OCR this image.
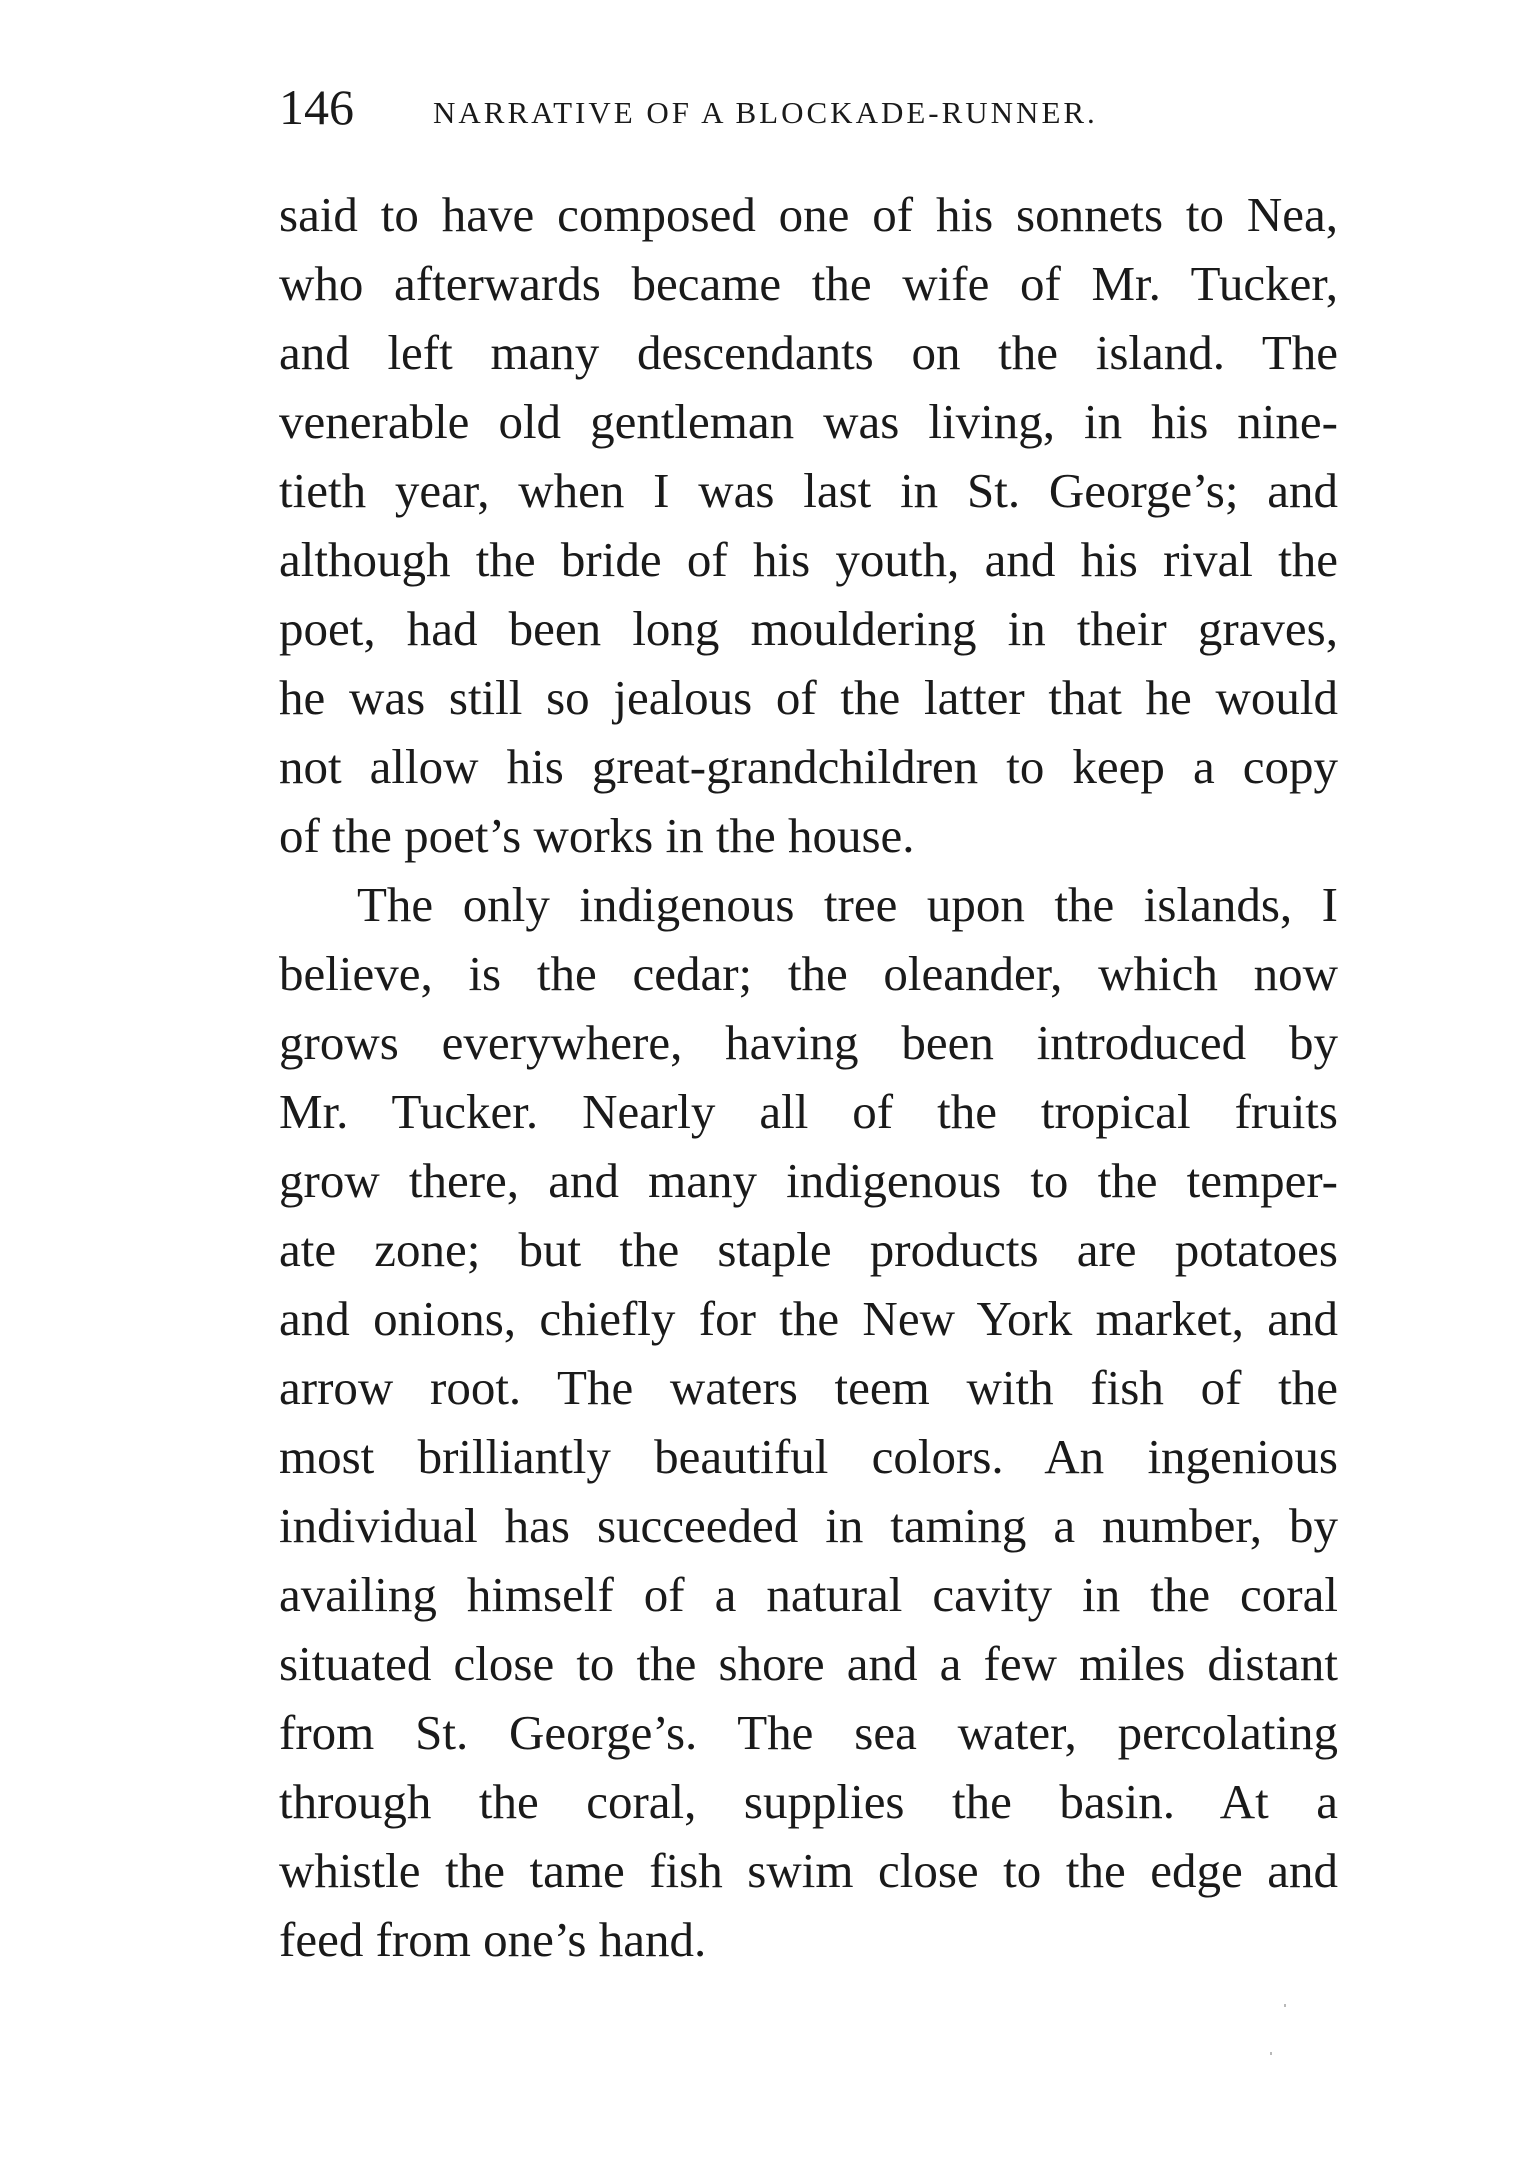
146	NARRATIVE OF A BLOCKADE-RUNNER.
said to have composed one of his sonnets to Nea,
who afterwards became the wife of Mr. Tucker,
and left many descendants on the island. The
venerable old gentleman was living, in his nine-
tieth year, when I was last in St. George’s; and
although the bride of his youth, and his rival the
poet, had been long mouldering in their graves,
he was still so jealous of the latter that he would
not allow his great-grandchildren to keep a copy
of the poet’s works in the house.
The only indigenous tree upon the islands, I
believe, is the cedar; the oleander, which now
grows everywhere, having been introduced by
Mr. Tucker. Nearly all of the tropical fruits
grow there, and many indigenous to the temper-
ate zone; but the staple products are potatoes
and onions, chiefly for the New York market, and
arrow root. The waters teem with fish of the
most brilliantly beautiful colors. An ingenious
individual has succeeded in taming a number, by
availing himself of a natural cavity in the coral
situated close to the shore and a few miles distant
from St. George’s. The sea water, percolating
through the coral, supplies the basin. At a
whistle the tame fish swim close to the edge and
feed from one’s hand.
